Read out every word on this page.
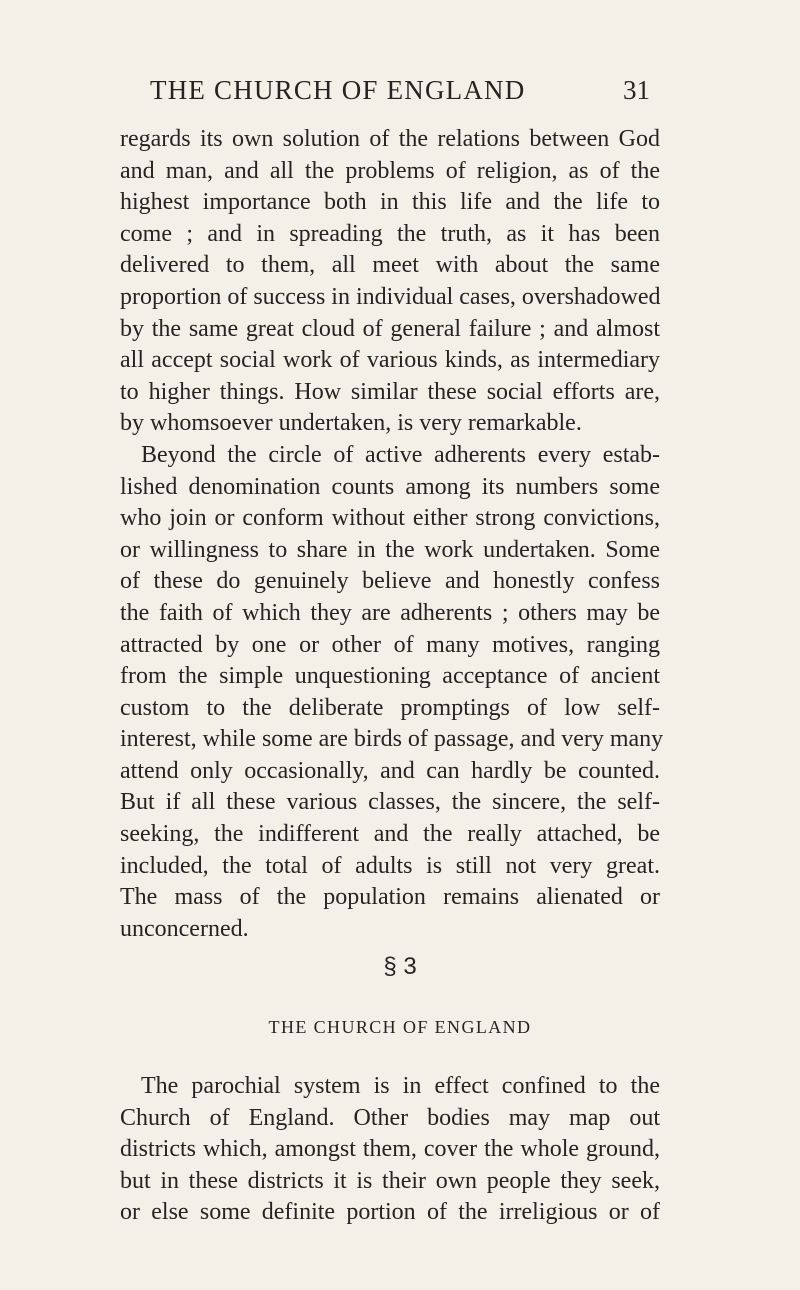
THE CHURCH OF ENGLAND	31
regards its own solution of the relations between God
and man, and all the problems of religion, as of the
highest importance both in this life and the life to
come ; and in spreading the truth, as it has been
delivered to them, all meet with about the same
proportion of success in individual cases, overshadowed
by the same great cloud of general failure ; and almost
all accept social work of various kinds, as intermediary
to higher things. How similar these social efforts are,
by whomsoever undertaken, is very remarkable.
Beyond the circle of active adherents every estab-
lished denomination counts among its numbers some
who join or conform without either strong convictions,
or willingness to share in the work undertaken. Some
of these do genuinely believe and honestly confess
the faith of which they are adherents ; others may be
attracted by one or other of many motives, ranging
from the simple unquestioning acceptance of ancient
custom to the deliberate promptings of low self-
interest, while some are birds of passage, and very many
attend only occasionally, and can hardly be counted.
But if all these various classes, the sincere, the self-
seeking, the indifferent and the really attached, be
included, the total of adults is still not very great.
The mass of the population remains alienated or
unconcerned.
§ 3
THE CHURCH OF ENGLAND
The parochial system is in effect confined to the
Church of England. Other bodies may map out
districts which, amongst them, cover the whole ground,
but in these districts it is their own people they seek,
or else some definite portion of the irreligious or of
